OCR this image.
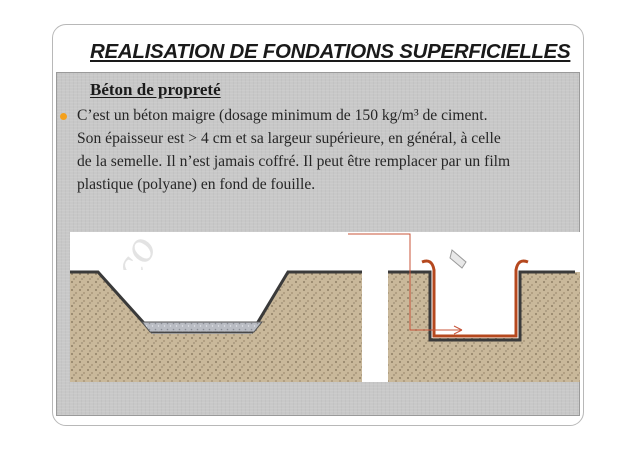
REALISATION DE FONDATIONS SUPERFICIELLES
Béton de propreté
C’est un béton maigre (dosage minimum de 150 kg/m³ de ciment.
Son épaisseur est > 4 cm et sa largeur supérieure, en général, à celle
de la semelle. Il n’est jamais coffré. Il peut être remplacer par un film
plastique (polyane) en fond de fouille.
